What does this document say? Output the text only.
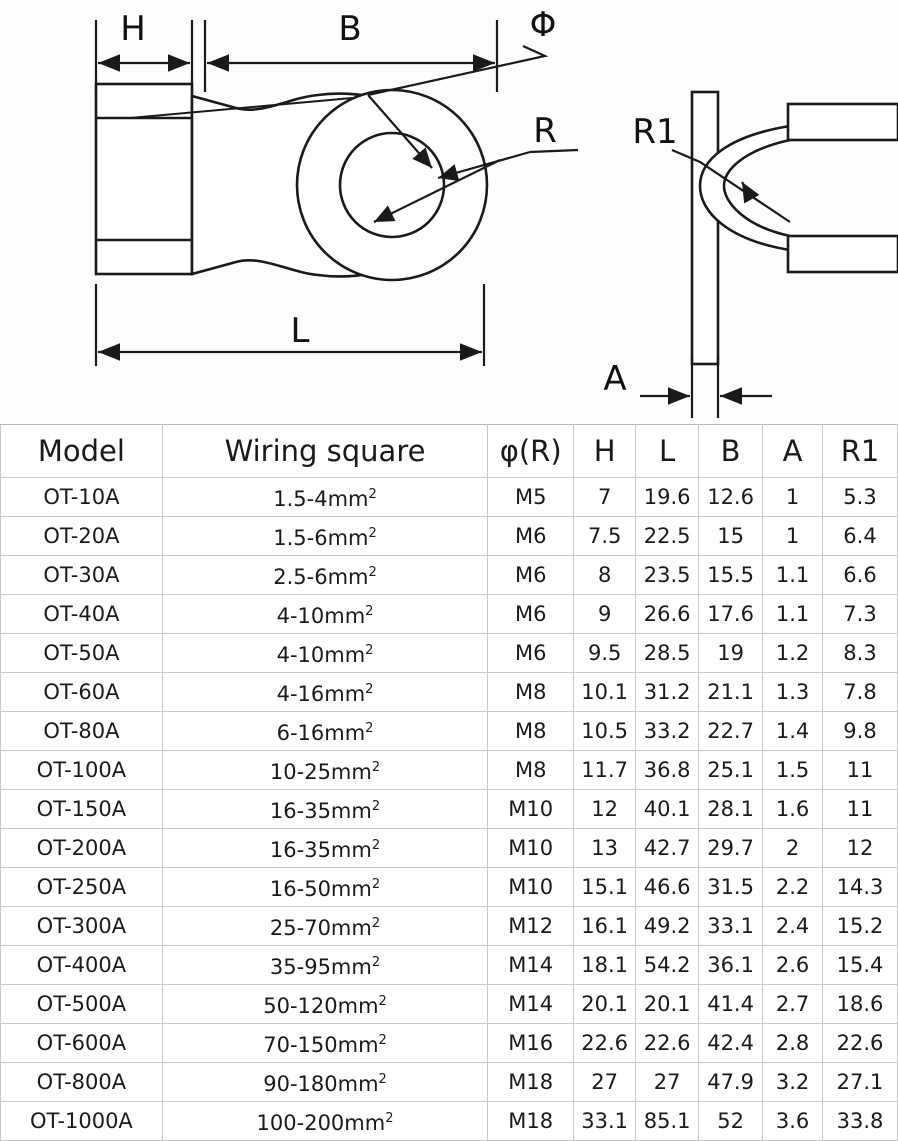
H	B
L
Φ
R R1
A
Model	Wiring square	φ(R)	H	L	B	A	R1
OT-10A	$1.5-4mm^2$	M5	7	19.6	12.6	1	5.3
OT-20A	$1.5-6mm^2$	M6	7.5	22.5	15	1	6.4
OT-30A	$2.5-6mm^2$	M6	8	23.5	15.5	1.1	6.6
OT-40A	$4-10mm^2$	M6	9	26.6	17.6	1.1	7.3
OT-50A	$4-10mm^2$	M6	9.5	28.5	19	1.2	8.3
OT-60A	$4-16mm^2$	M8	10.1	31.2	21.1	1.3	7.8
OT-80A	$6-16mm^2$	M8	10.5	33.2	22.7	1.4	9.8
OT-100A	$10-25mm^2$	M8	11.7	36.8	25.1	1.5	11
OT-150A	$16-35mm^2$	M10	12	40.1	28.1	1.6	11
OT-200A	$16-35mm^2$	M10	13	42.7	29.7	2	12
OT-250A	$16-50mm^2$	M10	15.1	46.6	31.5	2.2	14.3
OT-300A	$25-70mm^2$	M12	16.1	49.2	33.1	2.4	15.2
OT-400A	$35-95mm^2$	M14	18.1	54.2	36.1	2.6	15.4
OT-500A	$50-120mm^2$	M14	20.1	20.1	41.4	2.7	18.6
OT-600A	$70-150mm^2$	M16	22.6	22.6	42.4	2.8	22.6
OT-800A	$90-180mm^2$	M18	27	27	47.9	3.2	27.1
OT-1000A	$100-200mm^2$	M18	33.1	85.1	52	3.6	33.8
